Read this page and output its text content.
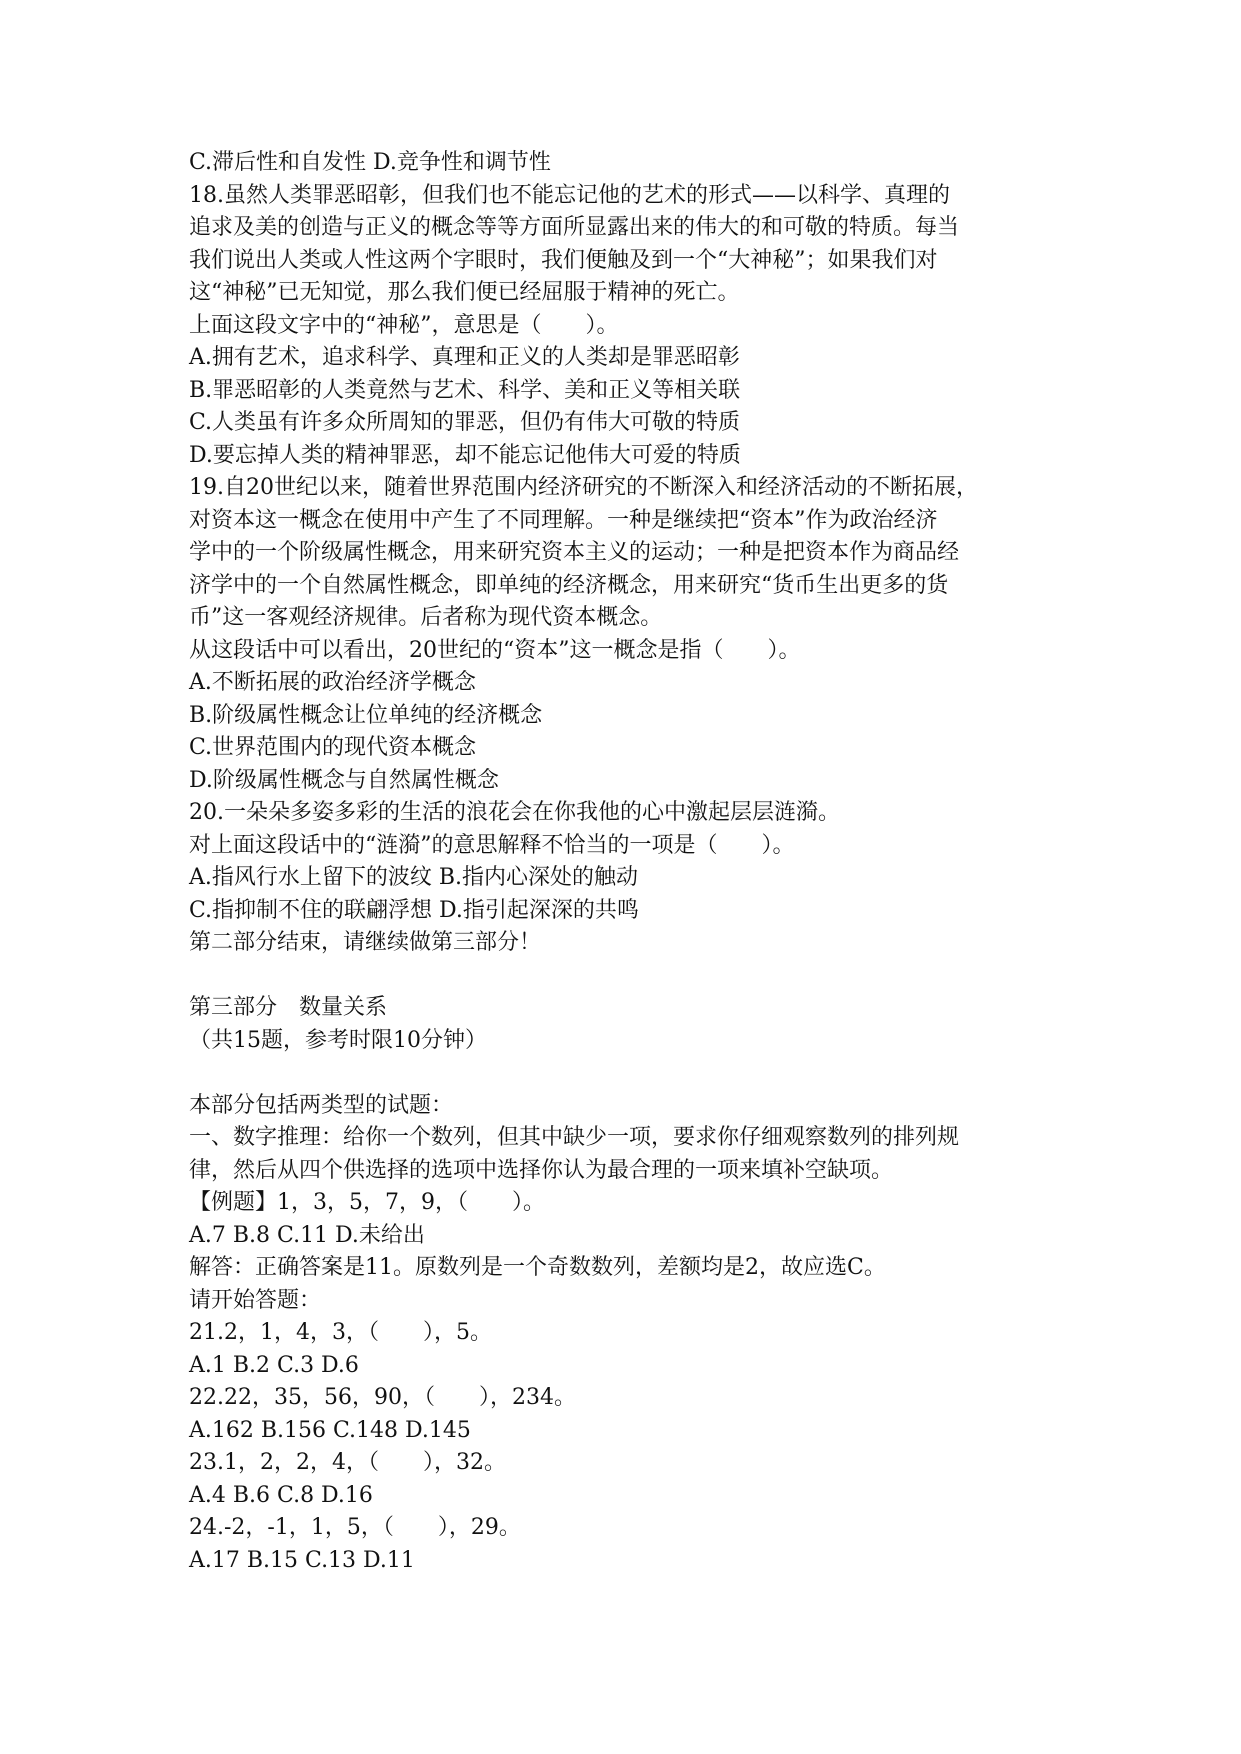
C.滞后性和自发性 D.竞争性和调节性
18.虽然人类罪恶昭彰，但我们也不能忘记他的艺术的形式——以科学、真理的
追求及美的创造与正义的概念等等方面所显露出来的伟大的和可敬的特质。每当
我们说出人类或人性这两个字眼时，我们便触及到一个“大神秘”；如果我们对
这“神秘”已无知觉，那么我们便已经屈服于精神的死亡。
上面这段文字中的“神秘”，意思是（　　）。
A.拥有艺术，追求科学、真理和正义的人类却是罪恶昭彰
B.罪恶昭彰的人类竟然与艺术、科学、美和正义等相关联
C.人类虽有许多众所周知的罪恶，但仍有伟大可敬的特质
D.要忘掉人类的精神罪恶，却不能忘记他伟大可爱的特质
19.自20世纪以来，随着世界范围内经济研究的不断深入和经济活动的不断拓展，
对资本这一概念在使用中产生了不同理解。一种是继续把“资本”作为政治经济
学中的一个阶级属性概念，用来研究资本主义的运动；一种是把资本作为商品经
济学中的一个自然属性概念，即单纯的经济概念，用来研究“货币生出更多的货
币”这一客观经济规律。后者称为现代资本概念。
从这段话中可以看出，20世纪的“资本”这一概念是指（　　）。
A.不断拓展的政治经济学概念
B.阶级属性概念让位单纯的经济概念
C.世界范围内的现代资本概念
D.阶级属性概念与自然属性概念
20.一朵朵多姿多彩的生活的浪花会在你我他的心中激起层层涟漪。
对上面这段话中的“涟漪”的意思解释不恰当的一项是（　　）。
A.指风行水上留下的波纹 B.指内心深处的触动
C.指抑制不住的联翩浮想 D.指引起深深的共鸣
第二部分结束，请继续做第三部分！
第三部分　数量关系
（共15题，参考时限10分钟）
本部分包括两类型的试题：
一、数字推理：给你一个数列，但其中缺少一项，要求你仔细观察数列的排列规
律，然后从四个供选择的选项中选择你认为最合理的一项来填补空缺项。
【例题】1，3，5，7，9，（　　）。
A.7 B.8 C.11 D.未给出
解答：正确答案是11。原数列是一个奇数数列，差额均是2，故应选C。
请开始答题：
21.2，1，4，3，（　　），5。
A.1 B.2 C.3 D.6
22.22，35，56，90，（　　），234。
A.162 B.156 C.148 D.145
23.1，2，2，4，（　　），32。
A.4 B.6 C.8 D.16
24.-2，-1，1，5，（　　），29。
A.17 B.15 C.13 D.11
